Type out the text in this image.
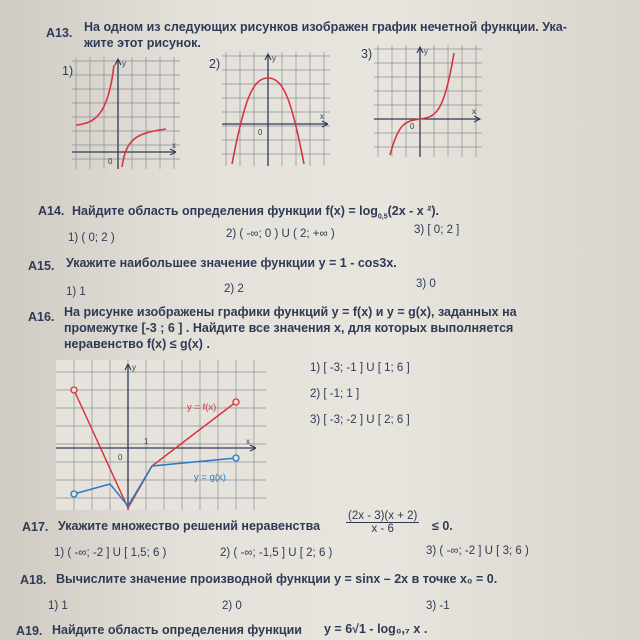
A13. На одном из следующих рисунков изображен график нечетной функции. Ука-
жите этот рисунок.
1)	2)
3)
y
x
0
y
x
0
y
x
0
A14. Найдите область определения функции $f(x) = \log_{0,5}(2x - x$ ²).
1) ( 0; 2 )	2) ( -∞; 0 ) U ( 2; +∞ )	3) [ 0; 2 ]
A15. Укажите наибольшее значение функции у = 1 - cos3x.
1) 1	2) 2	3) 0
A16. На рисунке изображены графики функций y = f(x) и y = g(x), заданных на
промежутке [-3 ; 6 ] . Найдите все значения x, для которых выполняется
неравенство f(x) ≤ g(x) .
y
x
0
1
y = f(x)
y = g(x)
1) [ -3; -1 ] U [ 1; 6 ]
2) [ -1; 1 ]
3) [ -3; -2 ] U [ 2; 6 ]
A17. Укажите множество решений неравенства $\frac{(2x - 3)(x + 2)}{x - 6} \le 0$.
1) ( -∞; -2 ] U [ 1,5; 6 )	2) ( -∞; -1,5 ] U [ 2; 6 )	3) ( -∞; -2 ] U [ 3; 6 )
A18. Вычислите значение производной функции y = sinx – 2x в точке x₀ = 0.
1) 1	2) 0	3) -1
A19. Найдите область определения функции y = 6√1 - log₀,₇ x .
